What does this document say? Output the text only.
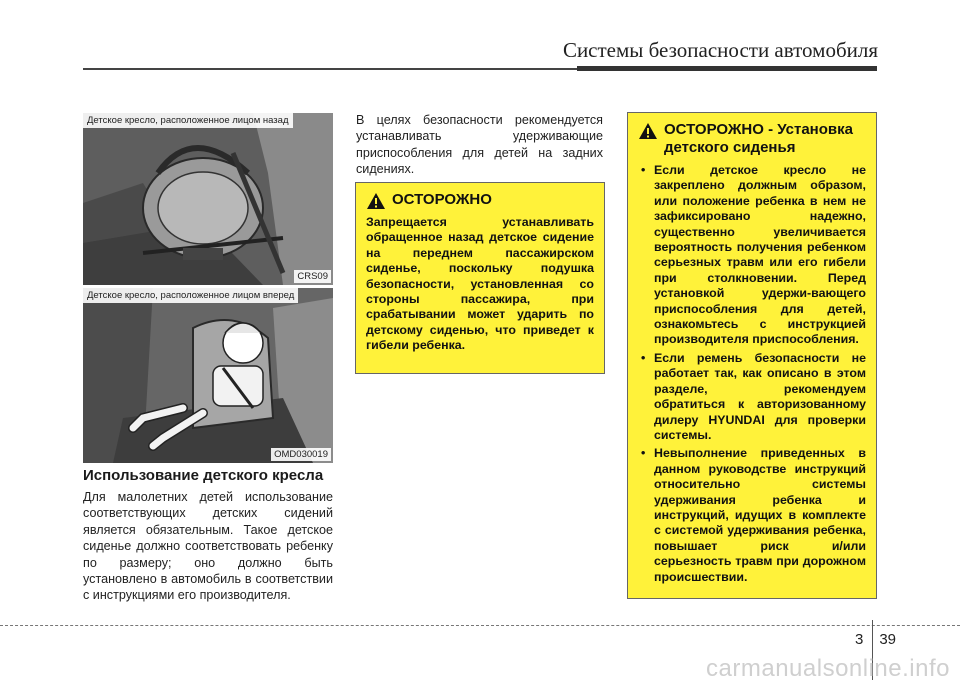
Системы безопасности автомобиля
Детское кресло, расположенное лицом назад
CRS09
Детское кресло, расположенное лицом вперед
OMD030019
Использование детского кресла
Для малолетних детей использование соответствующих детских сидений является обязательным. Такое детское сиденье должно соответствовать ребенку по размеру; оно должно быть установлено в автомобиль в соответствии с инструкциями его производителя.
В целях безопасности рекомендуется устанавливать удерживающие приспособления для детей на задних сидениях.
ОСТОРОЖНО
Запрещается устанавливать обращенное назад детское сидение на переднем пассажирском сиденье, поскольку подушка безопасности, установленная со стороны пассажира, при срабатывании может ударить по детскому сиденью, что приведет к гибели ребенка.
ОСТОРОЖНО - Установка
детского сиденья
• Если детское кресло не закреплено должным образом, или положение ребенка в нем не зафиксировано надежно, существенно увеличивается вероятность получения ребенком серьезных травм или его гибели при столкновении. Перед установкой удержи-вающего приспособления для детей, ознакомьтесь с инструкцией производителя приспособления.
• Если ремень безопасности не работает так, как описано в этом разделе, рекомендуем обратиться к авторизованному дилеру HYUNDAI для проверки системы.
• Невыполнение приведенных в данном руководстве инструкций относительно системы удерживания ребенка и инструкций, идущих в комплекте с системой удерживания ребенка, повышает риск и/или серьезность травм при дорожном происшествии.
3 39
carmanualsonline.info
